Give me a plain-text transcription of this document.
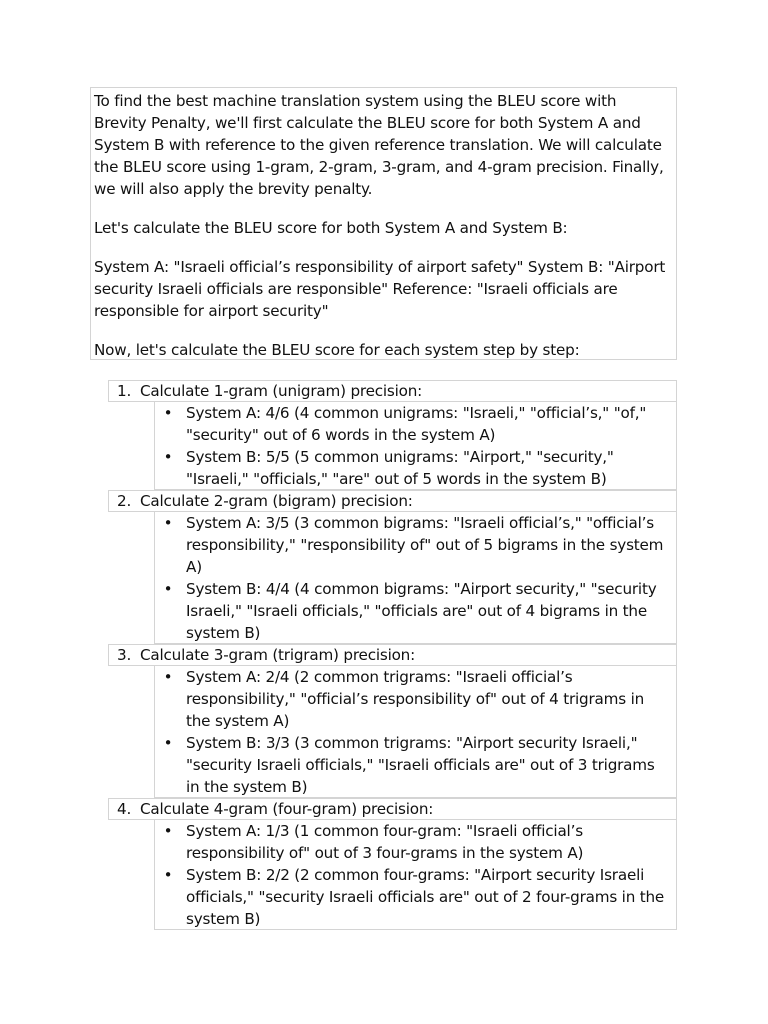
To find the best machine translation system using the BLEU score with Brevity Penalty, we'll first calculate the BLEU score for both System A and System B with reference to the given reference translation. We will calculate the BLEU score using 1-gram, 2-gram, 3-gram, and 4-gram precision. Finally, we will also apply the brevity penalty.

Let's calculate the BLEU score for both System A and System B:

System A: "Israeli official’s responsibility of airport safety" System B: "Airport security Israeli officials are responsible" Reference: "Israeli officials are responsible for airport security"

Now, let's calculate the BLEU score for each system step by step:

1. Calculate 1-gram (unigram) precision:
• System A: 4/6 (4 common unigrams: "Israeli," "official’s," "of," "security" out of 6 words in the system A)
• System B: 5/5 (5 common unigrams: "Airport," "security," "Israeli," "officials," "are" out of 5 words in the system B)
2. Calculate 2-gram (bigram) precision:
• System A: 3/5 (3 common bigrams: "Israeli official’s," "official’s responsibility," "responsibility of" out of 5 bigrams in the system A)
• System B: 4/4 (4 common bigrams: "Airport security," "security Israeli," "Israeli officials," "officials are" out of 4 bigrams in the system B)
3. Calculate 3-gram (trigram) precision:
• System A: 2/4 (2 common trigrams: "Israeli official’s responsibility," "official’s responsibility of" out of 4 trigrams in the system A)
• System B: 3/3 (3 common trigrams: "Airport security Israeli," "security Israeli officials," "Israeli officials are" out of 3 trigrams in the system B)
4. Calculate 4-gram (four-gram) precision:
• System A: 1/3 (1 common four-gram: "Israeli official’s responsibility of" out of 3 four-grams in the system A)
• System B: 2/2 (2 common four-grams: "Airport security Israeli officials," "security Israeli officials are" out of 2 four-grams in the system B)
